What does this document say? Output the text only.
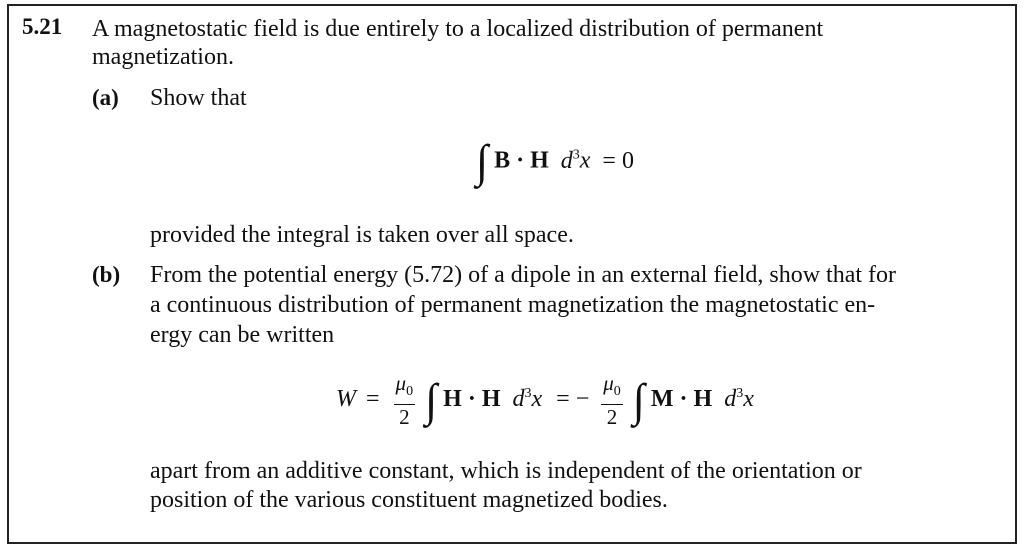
5.21 A magnetostatic field is due entirely to a localized distribution of permanent
magnetization.
(a) Show that
∫ B · H $d^3x = 0$
provided the integral is taken over all space.
(b) From the potential energy (5.72) of a dipole in an external field, show that for
a continuous distribution of permanent magnetization the magnetostatic en-
ergy can be written
$W = \frac{\mu_0}{2}$ ∫ H · H $d^3x$ = − $\frac{\mu_0}{2}$ ∫ M · H $d^3x$
apart from an additive constant, which is independent of the orientation or
position of the various constituent magnetized bodies.
